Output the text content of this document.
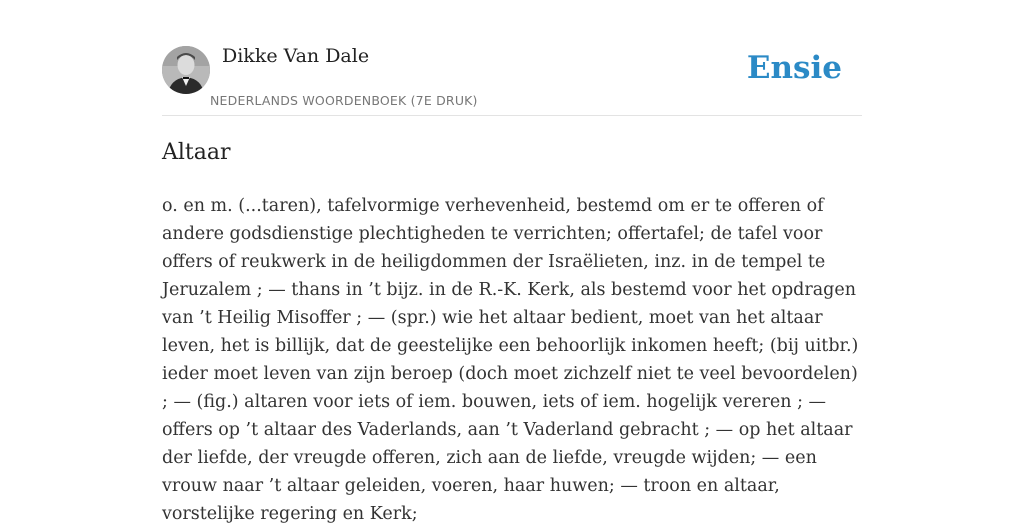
Dikke Van Dale
NEDERLANDS WOORDENBOEK (7E DRUK)
Ensie
Altaar

o. en m. (...taren), tafelvormige verhevenheid, bestemd om er te offeren of andere godsdienstige plechtigheden te verrichten; offertafel; de tafel voor offers of reukwerk in de heiligdommen der Israëlieten, inz. in de tempel te Jeruzalem ; — thans in ’t bijz. in de R.-K. Kerk, als bestemd voor het opdragen van ’t Heilig Misoffer ; — (spr.) wie het altaar bedient, moet van het altaar leven, het is billijk, dat de geestelijke een behoorlijk inkomen heeft; (bij uitbr.) ieder moet leven van zijn beroep (doch moet zichzelf niet te veel bevoordelen) ; — (fig.) altaren voor iets of iem. bouwen, iets of iem. hogelijk vereren ; — offers op ’t altaar des Vaderlands, aan ’t Vaderland gebracht ; — op het altaar der liefde, der vreugde offeren, zich aan de liefde, vreugde wijden; — een vrouw naar ’t altaar geleiden, voeren, haar huwen; — troon en altaar, vorstelijke regering en Kerk;
